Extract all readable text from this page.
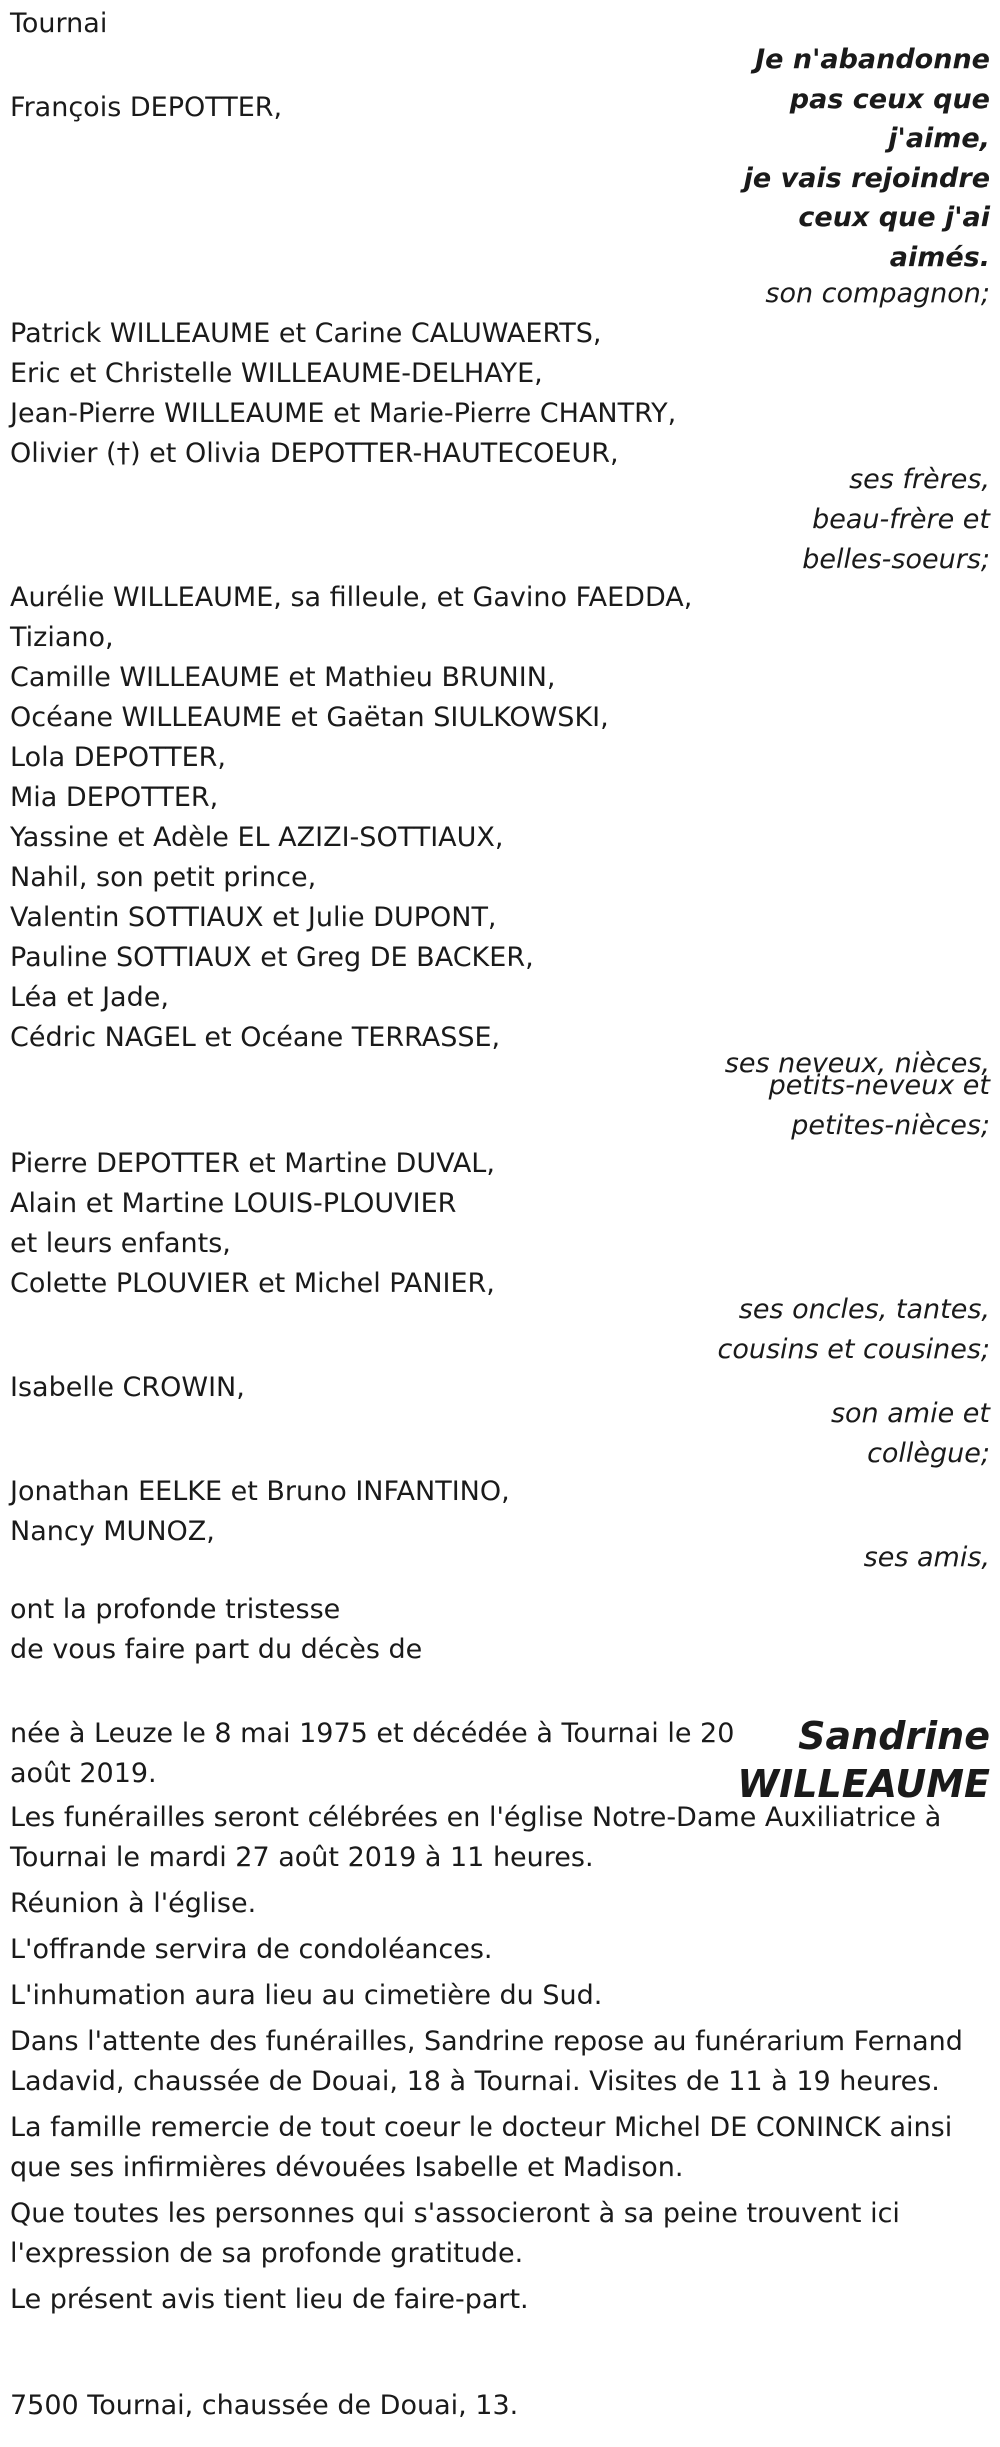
Tournai
François DEPOTTER,
Je n'abandonne
pas ceux que
j'aime,
je vais rejoindre
ceux que j'ai
aimés.
son compagnon;
Patrick WILLEAUME et Carine CALUWAERTS,
Eric et Christelle WILLEAUME-DELHAYE,
Jean-Pierre WILLEAUME et Marie-Pierre CHANTRY,
Olivier (†) et Olivia DEPOTTER-HAUTECOEUR,
ses frères,
beau-frère et
belles-soeurs;
Aurélie WILLEAUME, sa filleule, et Gavino FAEDDA,
Tiziano,
Camille WILLEAUME et Mathieu BRUNIN,
Océane WILLEAUME et Gaëtan SIULKOWSKI,
Lola DEPOTTER,
Mia DEPOTTER,
Yassine et Adèle EL AZIZI-SOTTIAUX,
Nahil, son petit prince,
Valentin SOTTIAUX et Julie DUPONT,
Pauline SOTTIAUX et Greg DE BACKER,
Léa et Jade,
Cédric NAGEL et Océane TERRASSE,
ses neveux, nièces,
petits-neveux et
petites-nièces;
Pierre DEPOTTER et Martine DUVAL,
Alain et Martine LOUIS-PLOUVIER
et leurs enfants,
Colette PLOUVIER et Michel PANIER,
ses oncles, tantes,
cousins et cousines;
Isabelle CROWIN,
son amie et
collègue;
Jonathan EELKE et Bruno INFANTINO,
Nancy MUNOZ,
ses amis,
ont la profonde tristesse
de vous faire part du décès de
Sandrine
WILLEAUME
née à Leuze le 8 mai 1975 et décédée à Tournai le 20 août 2019.
Les funérailles seront célébrées en l'église Notre-Dame Auxiliatrice à Tournai le mardi 27 août 2019 à 11 heures.
Réunion à l'église.
L'offrande servira de condoléances.
L'inhumation aura lieu au cimetière du Sud.
Dans l'attente des funérailles, Sandrine repose au funérarium Fernand Ladavid, chaussée de Douai, 18 à Tournai. Visites de 11 à 19 heures.
La famille remercie de tout coeur le docteur Michel DE CONINCK ainsi que ses infirmières dévouées Isabelle et Madison.
Que toutes les personnes qui s'associeront à sa peine trouvent ici l'expression de sa profonde gratitude.
Le présent avis tient lieu de faire-part.
7500 Tournai, chaussée de Douai, 13.
